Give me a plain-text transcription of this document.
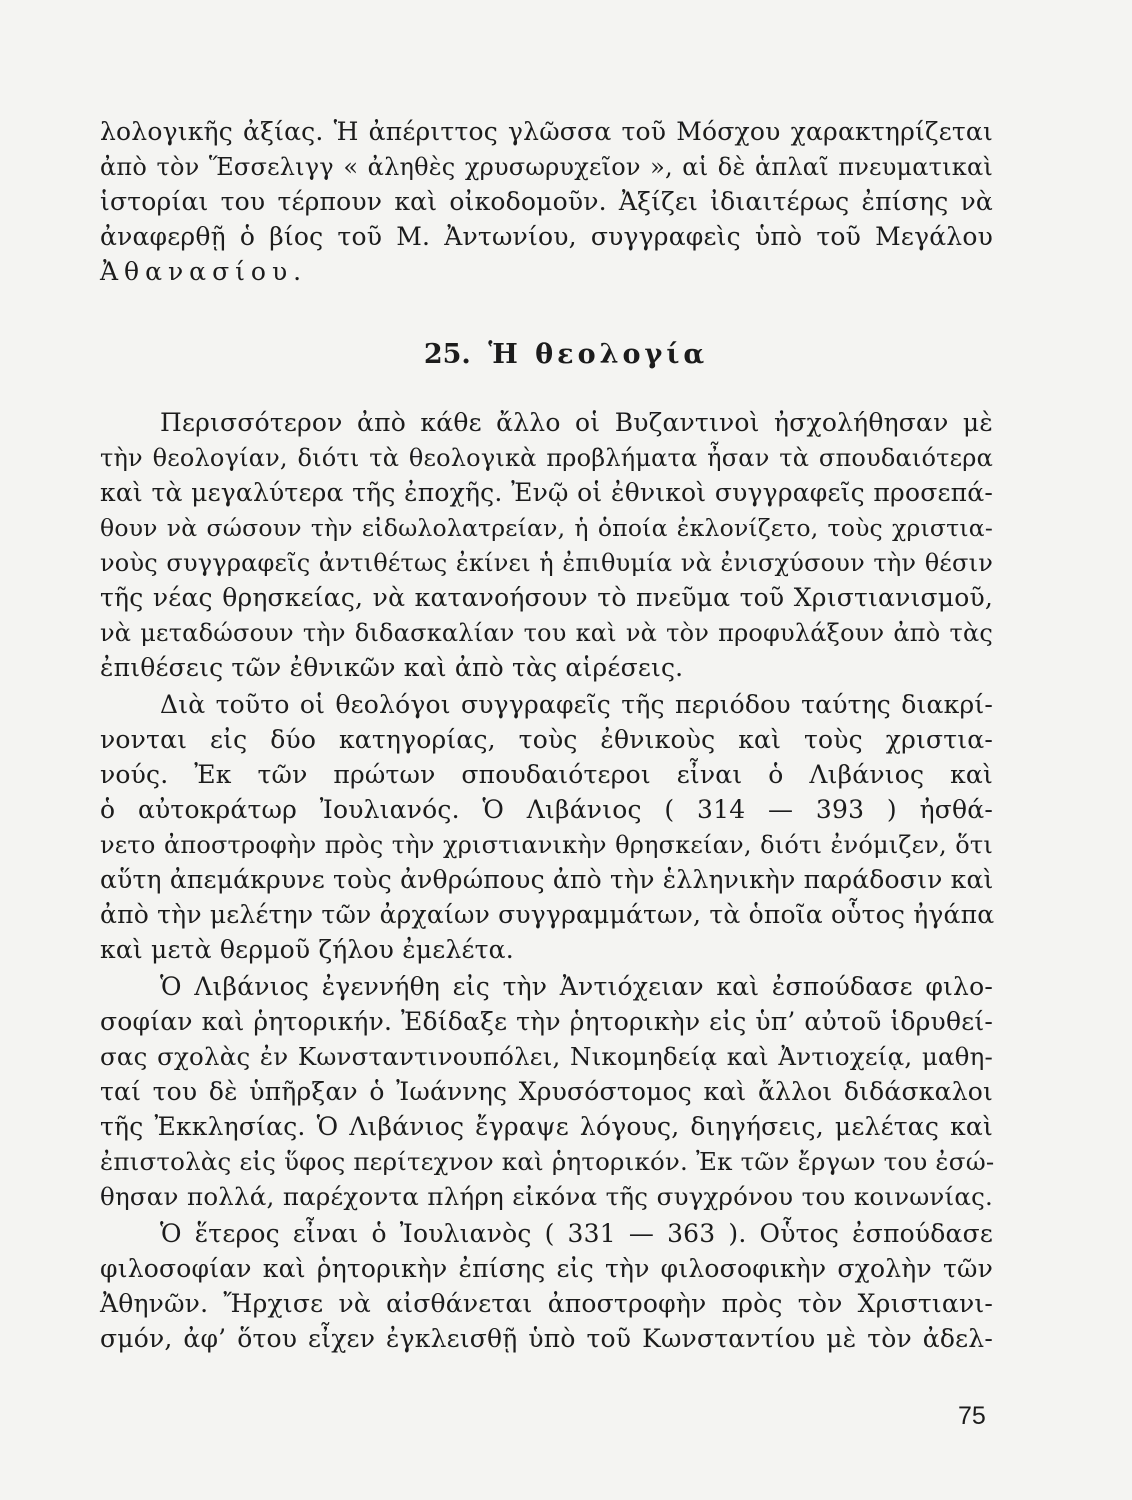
λολογικῆς ἀξίας. Ἡ ἀπέριττος γλῶσσα τοῦ Μόσχου χαρακτηρίζεται
ἀπὸ τὸν Ἕσσελιγγ « ἀληθὲς χρυσωρυχεῖον », αἱ δὲ ἁπλαῖ πνευματικαὶ
ἱστορίαι του τέρπουν καὶ οἰκοδομοῦν. Ἀξίζει ἰδιαιτέρως ἐπίσης νὰ
ἀναφερθῇ ὁ βίος τοῦ Μ. Ἀντωνίου, συγγραφεὶς ὑπὸ τοῦ Μεγάλου
Ἀθανασίου.
25. Ἡ θεολογία
Περισσότερον ἀπὸ κάθε ἄλλο οἱ Βυζαντινοὶ ἠσχολήθησαν μὲ
τὴν θεολογίαν, διότι τὰ θεολογικὰ προβλήματα ἦσαν τὰ σπουδαιότερα
καὶ τὰ μεγαλύτερα τῆς ἐποχῆς. Ἐνῷ οἱ ἐθνικοὶ συγγραφεῖς προσεπά-
θουν νὰ σώσουν τὴν εἰδωλολατρείαν, ἡ ὁποία ἐκλονίζετο, τοὺς χριστια-
νοὺς συγγραφεῖς ἀντιθέτως ἐκίνει ἡ ἐπιθυμία νὰ ἐνισχύσουν τὴν θέσιν
τῆς νέας θρησκείας, νὰ κατανοήσουν τὸ πνεῦμα τοῦ Χριστιανισμοῦ,
νὰ μεταδώσουν τὴν διδασκαλίαν του καὶ νὰ τὸν προφυλάξουν ἀπὸ τὰς
ἐπιθέσεις τῶν ἐθνικῶν καὶ ἀπὸ τὰς αἱρέσεις.
Διὰ τοῦτο οἱ θεολόγοι συγγραφεῖς τῆς περιόδου ταύτης διακρί-
νονται εἰς δύο κατηγορίας, τοὺς ἐθνικοὺς καὶ τοὺς χριστια-
νούς. Ἐκ τῶν πρώτων σπουδαιότεροι εἶναι ὁ Λιβάνιος καὶ
ὁ αὐτοκράτωρ Ἰουλιανός. Ὁ Λιβάνιος ( 314 — 393 ) ἠσθά-
νετο ἀποστροφὴν πρὸς τὴν χριστιανικὴν θρησκείαν, διότι ἐνόμιζεν, ὅτι
αὕτη ἀπεμάκρυνε τοὺς ἀνθρώπους ἀπὸ τὴν ἑλληνικὴν παράδοσιν καὶ
ἀπὸ τὴν μελέτην τῶν ἀρχαίων συγγραμμάτων, τὰ ὁποῖα οὗτος ἠγάπα
καὶ μετὰ θερμοῦ ζήλου ἐμελέτα.
Ὁ Λιβάνιος ἐγεννήθη εἰς τὴν Ἀντιόχειαν καὶ ἐσπούδασε φιλο-
σοφίαν καὶ ῥητορικήν. Ἐδίδαξε τὴν ῥητορικὴν εἰς ὑπ’ αὐτοῦ ἱδρυθεί-
σας σχολὰς ἐν Κωνσταντινουπόλει, Νικομηδείᾳ καὶ Ἀντιοχείᾳ, μαθη-
ταί του δὲ ὑπῆρξαν ὁ Ἰωάννης Χρυσόστομος καὶ ἄλλοι διδάσκαλοι
τῆς Ἐκκλησίας. Ὁ Λιβάνιος ἔγραψε λόγους, διηγήσεις, μελέτας καὶ
ἐπιστολὰς εἰς ὕφος περίτεχνον καὶ ῥητορικόν. Ἐκ τῶν ἔργων του ἐσώ-
θησαν πολλά, παρέχοντα πλήρη εἰκόνα τῆς συγχρόνου του κοινωνίας.
Ὁ ἕτερος εἶναι ὁ Ἰουλιανὸς ( 331 — 363 ). Οὗτος ἐσπούδασε
φιλοσοφίαν καὶ ῥητορικὴν ἐπίσης εἰς τὴν φιλοσοφικὴν σχολὴν τῶν
Ἀθηνῶν. Ἤρχισε νὰ αἰσθάνεται ἀποστροφὴν πρὸς τὸν Χριστιανι-
σμόν, ἀφ’ ὅτου εἶχεν ἐγκλεισθῇ ὑπὸ τοῦ Κωνσταντίου μὲ τὸν ἀδελ-
75
